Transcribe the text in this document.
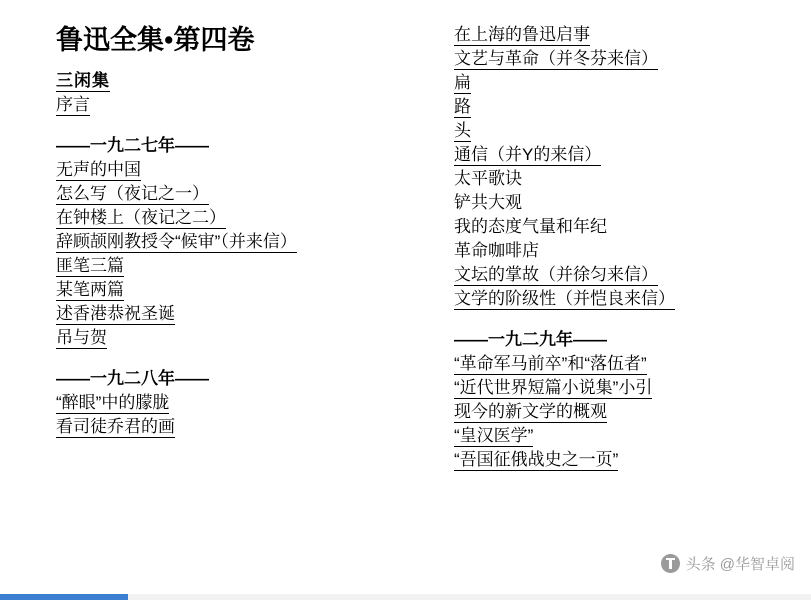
鲁迅全集•第四卷
三闲集
序言
——一九二七年——
无声的中国
怎么写（夜记之一）
在钟楼上（夜记之二）
辞顾颉刚教授令“候审”（并来信）
匪笔三篇
某笔两篇
述香港恭祝圣诞
吊与贺
——一九二八年——
“醉眼”中的朦胧
看司徒乔君的画
在上海的鲁迅启事
文艺与革命（并冬芬来信）
扁
路
头
通信（并Y的来信）
太平歌诀
铲共大观
我的态度气量和年纪
革命咖啡店
文坛的掌故（并徐匀来信）
文学的阶级性（并恺良来信）
——一九二九年——
“革命军马前卒”和“落伍者”
“近代世界短篇小说集”小引
现今的新文学的概观
“皇汉医学”
“吾国征俄战史之一页”
头条 @华智卓阅
